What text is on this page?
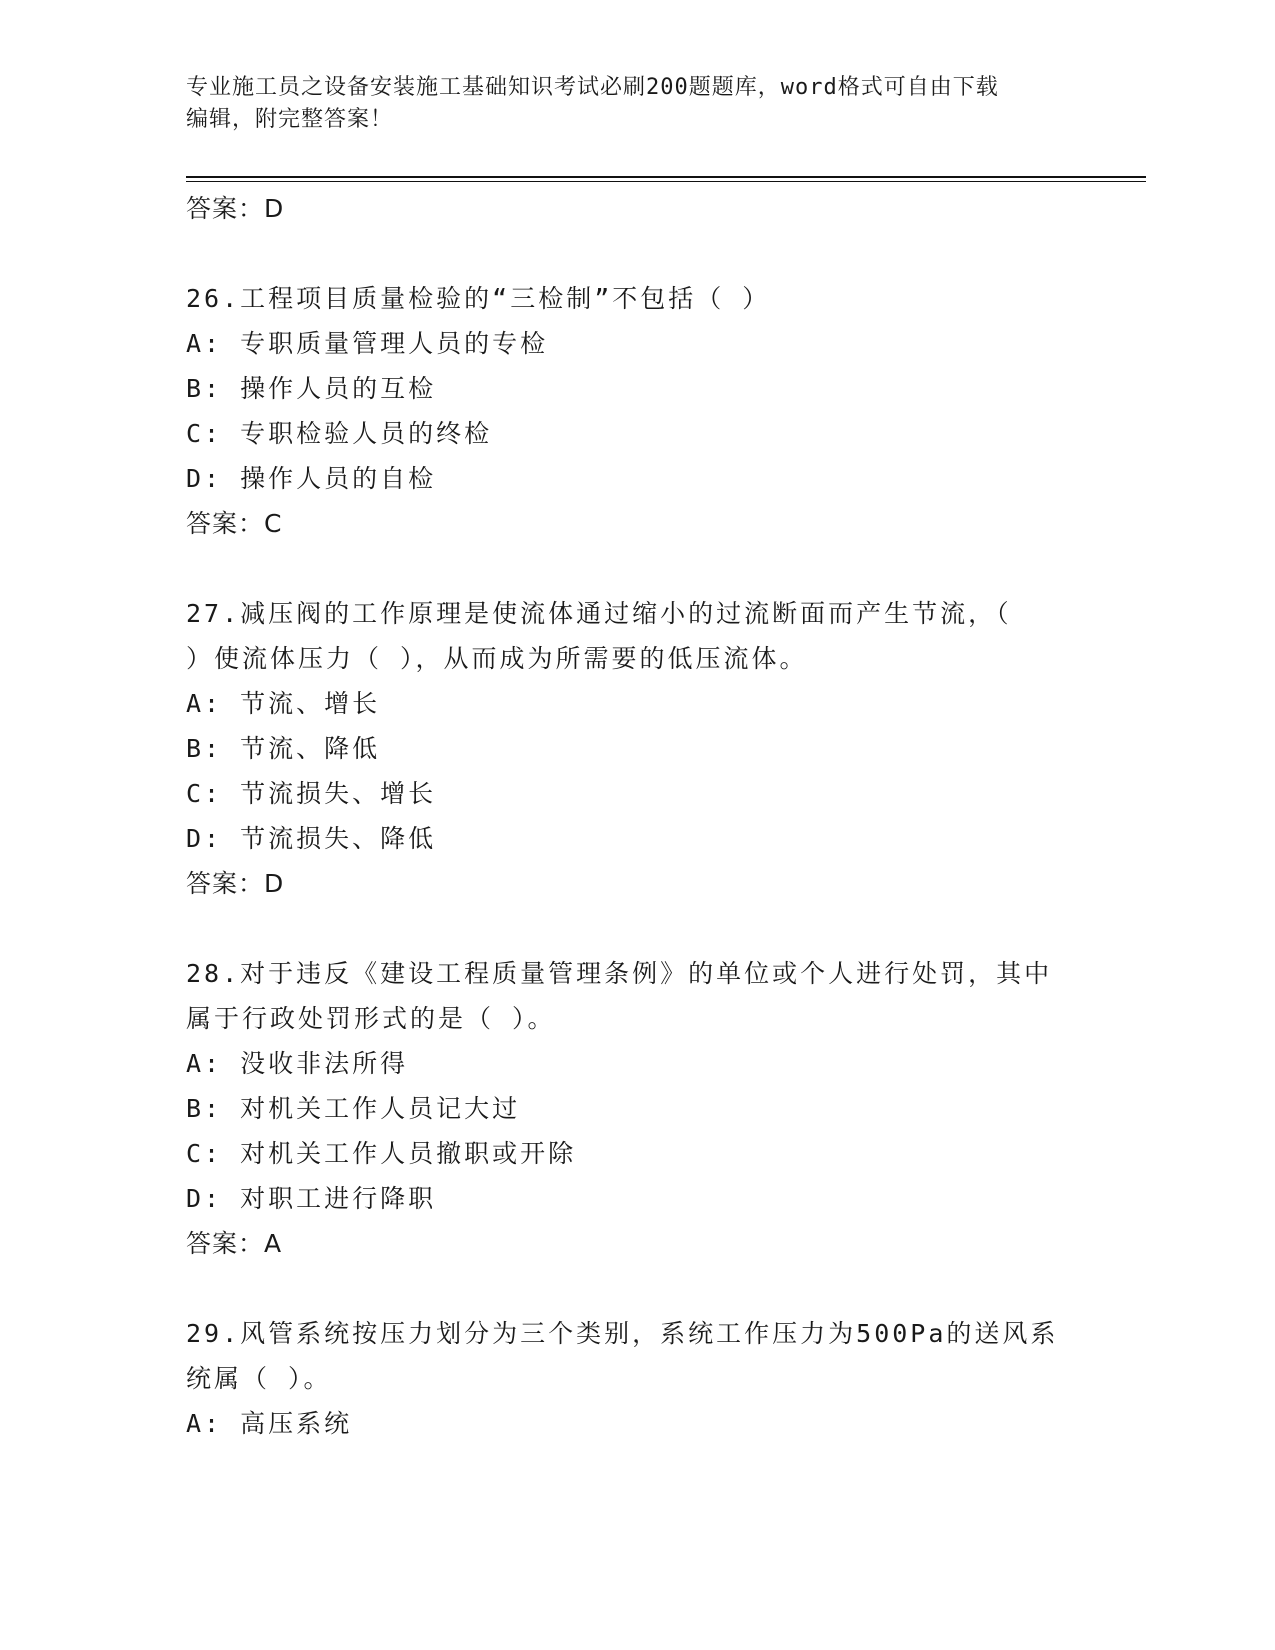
专业施工员之设备安装施工基础知识考试必刷200题题库，word格式可自由下载
编辑，附完整答案！
答案：D
26.工程项目质量检验的“三检制”不包括（ ）
A: 专职质量管理人员的专检
B: 操作人员的互检
C: 专职检验人员的终检
D: 操作人员的自检
答案：C
27.减压阀的工作原理是使流体通过缩小的过流断面而产生节流，（
）使流体压力（ ），从而成为所需要的低压流体。
A: 节流、增长
B: 节流、降低
C: 节流损失、增长
D: 节流损失、降低
答案：D
28.对于违反《建设工程质量管理条例》的单位或个人进行处罚，其中
属于行政处罚形式的是（ ）。
A: 没收非法所得
B: 对机关工作人员记大过
C: 对机关工作人员撤职或开除
D: 对职工进行降职
答案：A
29.风管系统按压力划分为三个类别，系统工作压力为500Pa的送风系
统属（ ）。
A: 高压系统
